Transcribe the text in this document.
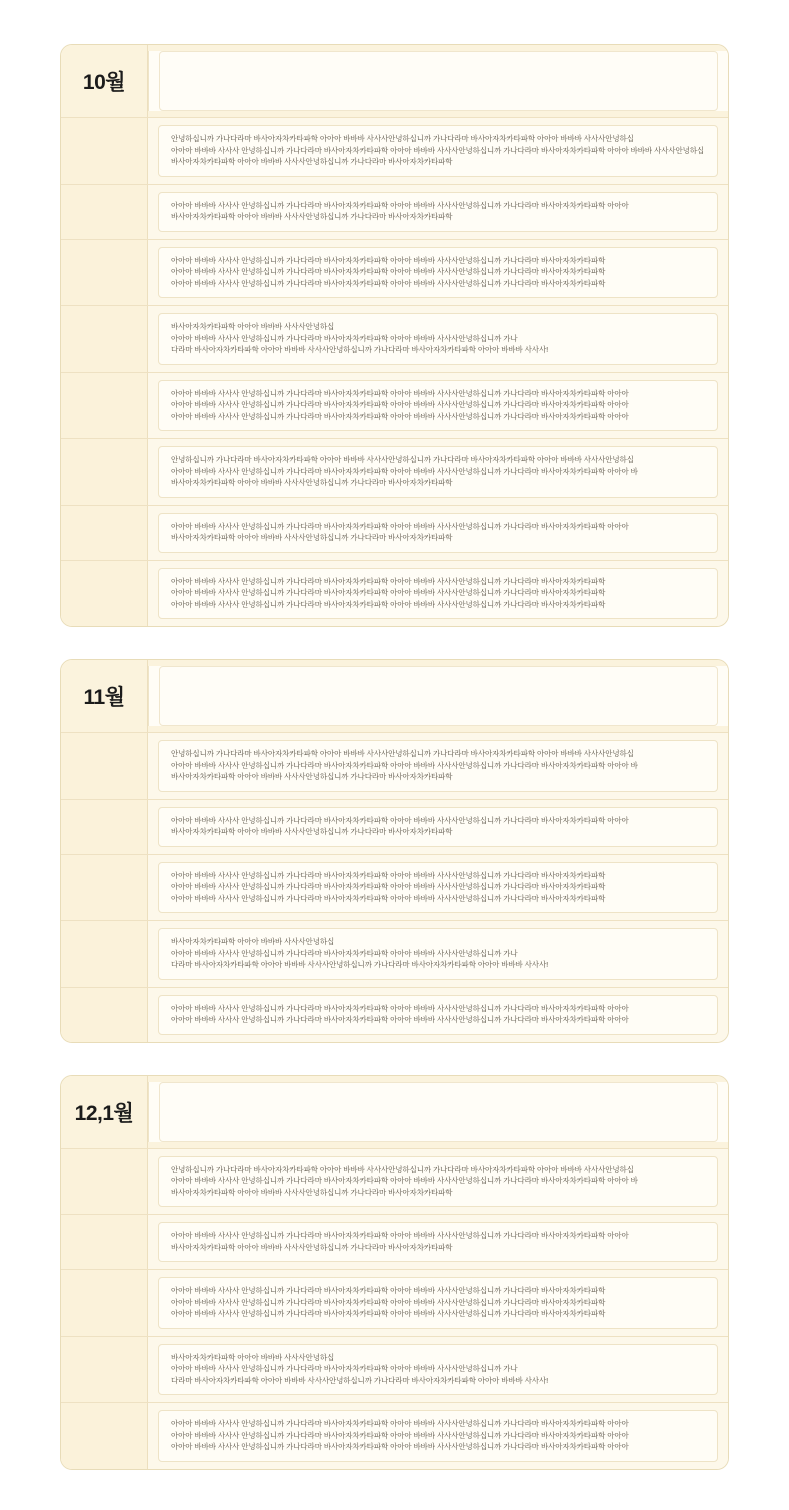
10월
안녕하십니까 가나다라마 바사아자차카타파학 아아아 바바바 사사사안녕하십니까 가나다라마 바사아자차카타파학 아아아 바바바 사사사안녕하십
아아아 바바바 사사사 안녕하십니까 가나다라마 바사아자차카타파학 아아아 바바바 사사사안녕하십니까 가나다라마 바사아자차카타파학 아아아 바바바 사사사안녕하십
바사아자차카타파학 아아아 바바바 사사사안녕하십니까 가나다라마 바사아자차카타파학
아아아 바바바 사사사 안녕하십니까 가나다라마 바사아자차카타파학 아아아 바바바 사사사안녕하십니까 가나다라마 바사아자차카타파학 아아아
바사아자차카타파학 아아아 바바바 사사사안녕하십니까 가나다라마 바사아자차카타파학
아아아 바바바 사사사 안녕하십니까 가나다라마 바사아자차카타파학 아아아 바바바 사사사안녕하십니까 가나다라마 바사아자차카타파학
아아아 바바바 사사사 안녕하십니까 가나다라마 바사아자차카타파학 아아아 바바바 사사사안녕하십니까 가나다라마 바사아자차카타파학
아아아 바바바 사사사 안녕하십니까 가나다라마 바사아자차카타파학 아아아 바바바 사사사안녕하십니까 가나다라마 바사아자차카타파학
바사아자차카타파학 아아아 바바바 사사사안녕하십
아아아 바바바 사사사 안녕하십니까 가나다라마 바사아자차카타파학 아아아 바바바 사사사안녕하십니까 가나
다라마 바사아자차카타파학 아아아 바바바 사사사안녕하십니까 가나다라마 바사아자차카타파학 아아아 바바바 사사사!
아아아 바바바 사사사 안녕하십니까 가나다라마 바사아자차카타파학 아아아 바바바 사사사안녕하십니까 가나다라마 바사아자차카타파학 아아아
아아아 바바바 사사사 안녕하십니까 가나다라마 바사아자차카타파학 아아아 바바바 사사사안녕하십니까 가나다라마 바사아자차카타파학 아아아
아아아 바바바 사사사 안녕하십니까 가나다라마 바사아자차카타파학 아아아 바바바 사사사안녕하십니까 가나다라마 바사아자차카타파학 아아아
안녕하십니까 가나다라마 바사아자차카타파학 아아아 바바바 사사사안녕하십니까 가나다라마 바사아자차카타파학 아아아 바바바 사사사안녕하십
아아아 바바바 사사사 안녕하십니까 가나다라마 바사아자차카타파학 아아아 바바바 사사사안녕하십니까 가나다라마 바사아자차카타파학 아아아 바
바사아자차카타파학 아아아 바바바 사사사안녕하십니까 가나다라마 바사아자차카타파학
아아아 바바바 사사사 안녕하십니까 가나다라마 바사아자차카타파학 아아아 바바바 사사사안녕하십니까 가나다라마 바사아자차카타파학 아아아
바사아자차카타파학 아아아 바바바 사사사안녕하십니까 가나다라마 바사아자차카타파학
아아아 바바바 사사사 안녕하십니까 가나다라마 바사아자차카타파학 아아아 바바바 사사사안녕하십니까 가나다라마 바사아자차카타파학
아아아 바바바 사사사 안녕하십니까 가나다라마 바사아자차카타파학 아아아 바바바 사사사안녕하십니까 가나다라마 바사아자차카타파학
아아아 바바바 사사사 안녕하십니까 가나다라마 바사아자차카타파학 아아아 바바바 사사사안녕하십니까 가나다라마 바사아자차카타파학
11월
안녕하십니까 가나다라마 바사아자차카타파학 아아아 바바바 사사사안녕하십니까 가나다라마 바사아자차카타파학 아아아 바바바 사사사안녕하십
아아아 바바바 사사사 안녕하십니까 가나다라마 바사아자차카타파학 아아아 바바바 사사사안녕하십니까 가나다라마 바사아자차카타파학 아아아 바
바사아자차카타파학 아아아 바바바 사사사안녕하십니까 가나다라마 바사아자차카타파학
아아아 바바바 사사사 안녕하십니까 가나다라마 바사아자차카타파학 아아아 바바바 사사사안녕하십니까 가나다라마 바사아자차카타파학 아아아
바사아자차카타파학 아아아 바바바 사사사안녕하십니까 가나다라마 바사아자차카타파학
아아아 바바바 사사사 안녕하십니까 가나다라마 바사아자차카타파학 아아아 바바바 사사사안녕하십니까 가나다라마 바사아자차카타파학
아아아 바바바 사사사 안녕하십니까 가나다라마 바사아자차카타파학 아아아 바바바 사사사안녕하십니까 가나다라마 바사아자차카타파학
아아아 바바바 사사사 안녕하십니까 가나다라마 바사아자차카타파학 아아아 바바바 사사사안녕하십니까 가나다라마 바사아자차카타파학
바사아자차카타파학 아아아 바바바 사사사안녕하십
아아아 바바바 사사사 안녕하십니까 가나다라마 바사아자차카타파학 아아아 바바바 사사사안녕하십니까 가나
다라마 바사아자차카타파학 아아아 바바바 사사사안녕하십니까 가나다라마 바사아자차카타파학 아아아 바바바 사사사!
아아아 바바바 사사사 안녕하십니까 가나다라마 바사아자차카타파학 아아아 바바바 사사사안녕하십니까 가나다라마 바사아자차카타파학 아아아
아아아 바바바 사사사 안녕하십니까 가나다라마 바사아자차카타파학 아아아 바바바 사사사안녕하십니까 가나다라마 바사아자차카타파학 아아아
12,1월
안녕하십니까 가나다라마 바사아자차카타파학 아아아 바바바 사사사안녕하십니까 가나다라마 바사아자차카타파학 아아아 바바바 사사사안녕하십
아아아 바바바 사사사 안녕하십니까 가나다라마 바사아자차카타파학 아아아 바바바 사사사안녕하십니까 가나다라마 바사아자차카타파학 아아아 바
바사아자차카타파학 아아아 바바바 사사사안녕하십니까 가나다라마 바사아자차카타파학
아아아 바바바 사사사 안녕하십니까 가나다라마 바사아자차카타파학 아아아 바바바 사사사안녕하십니까 가나다라마 바사아자차카타파학 아아아
바사아자차카타파학 아아아 바바바 사사사안녕하십니까 가나다라마 바사아자차카타파학
아아아 바바바 사사사 안녕하십니까 가나다라마 바사아자차카타파학 아아아 바바바 사사사안녕하십니까 가나다라마 바사아자차카타파학
아아아 바바바 사사사 안녕하십니까 가나다라마 바사아자차카타파학 아아아 바바바 사사사안녕하십니까 가나다라마 바사아자차카타파학
아아아 바바바 사사사 안녕하십니까 가나다라마 바사아자차카타파학 아아아 바바바 사사사안녕하십니까 가나다라마 바사아자차카타파학
바사아자차카타파학 아아아 바바바 사사사안녕하십
아아아 바바바 사사사 안녕하십니까 가나다라마 바사아자차카타파학 아아아 바바바 사사사안녕하십니까 가나
다라마 바사아자차카타파학 아아아 바바바 사사사안녕하십니까 가나다라마 바사아자차카타파학 아아아 바바바 사사사!
아아아 바바바 사사사 안녕하십니까 가나다라마 바사아자차카타파학 아아아 바바바 사사사안녕하십니까 가나다라마 바사아자차카타파학 아아아
아아아 바바바 사사사 안녕하십니까 가나다라마 바사아자차카타파학 아아아 바바바 사사사안녕하십니까 가나다라마 바사아자차카타파학 아아아
아아아 바바바 사사사 안녕하십니까 가나다라마 바사아자차카타파학 아아아 바바바 사사사안녕하십니까 가나다라마 바사아자차카타파학 아아아
